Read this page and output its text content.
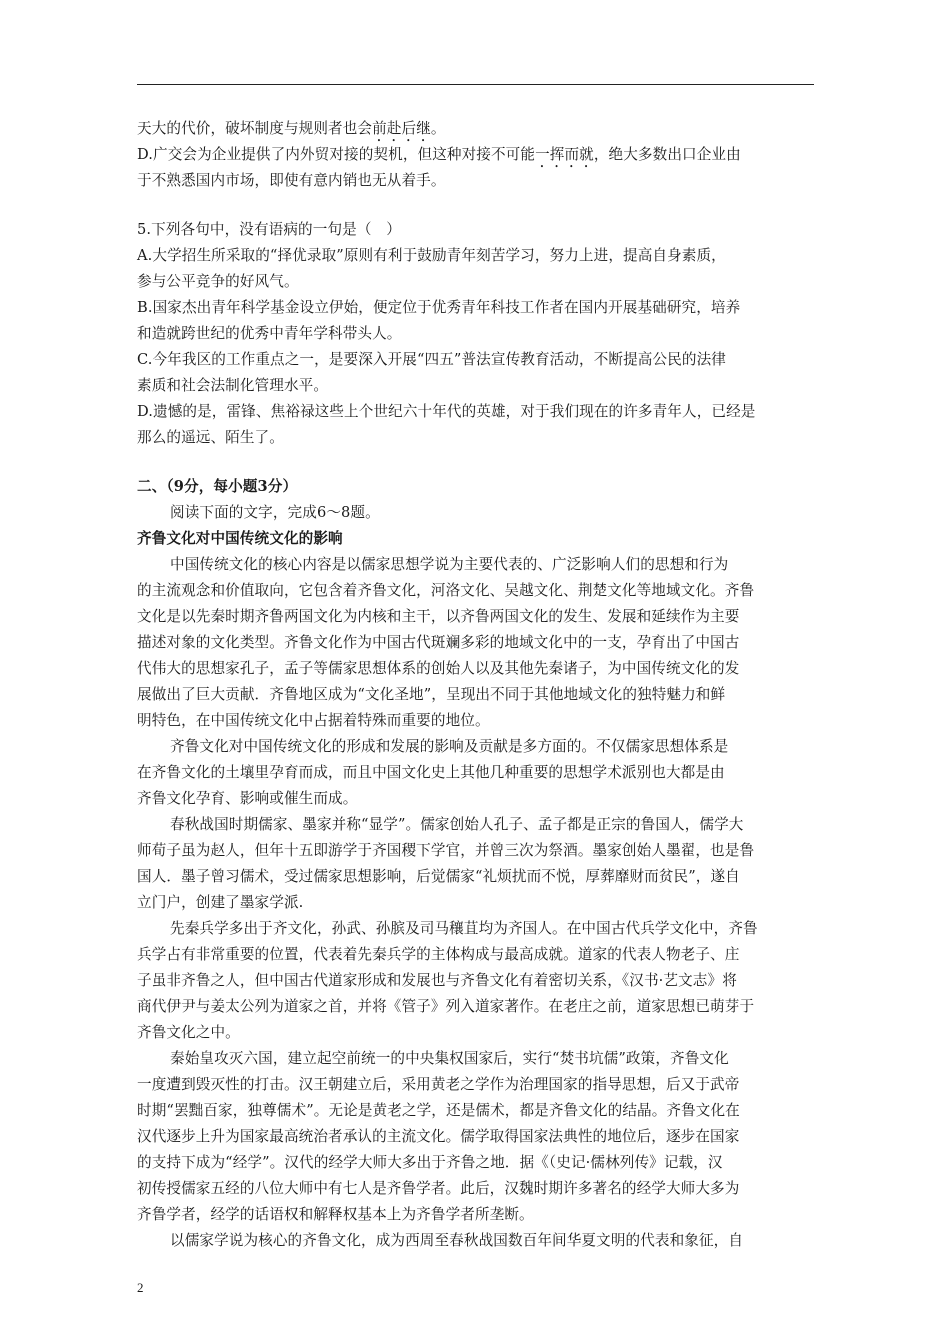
天大的代价，破坏制度与规则者也会前赴后继。
D.广交会为企业提供了内外贸对接的契机，但这种对接不可能一挥而就，绝大多数出口企业由
于不熟悉国内市场，即使有意内销也无从着手。
5.下列各句中，没有语病的一句是（　）
A.大学招生所采取的“择优录取”原则有利于鼓励青年刻苦学习，努力上进，提高自身素质，
参与公平竞争的好风气。
B.国家杰出青年科学基金设立伊始，便定位于优秀青年科技工作者在国内开展基础研究，培养
和造就跨世纪的优秀中青年学科带头人。
C.今年我区的工作重点之一，是要深入开展“四五”普法宣传教育活动，不断提高公民的法律
素质和社会法制化管理水平。
D.遗憾的是，雷锋、焦裕禄这些上个世纪六十年代的英雄，对于我们现在的许多青年人，已经是
那么的遥远、陌生了。
二、（9分，每小题3分）
阅读下面的文字，完成6～8题。
齐鲁文化对中国传统文化的影响
中国传统文化的核心内容是以儒家思想学说为主要代表的、广泛影响人们的思想和行为
的主流观念和价值取向，它包含着齐鲁文化，河洛文化、吴越文化、荆楚文化等地域文化。齐鲁
文化是以先秦时期齐鲁两国文化为内核和主干，以齐鲁两国文化的发生、发展和延续作为主要
描述对象的文化类型。齐鲁文化作为中国古代斑斓多彩的地域文化中的一支，孕育出了中国古
代伟大的思想家孔子，孟子等儒家思想体系的创始人以及其他先秦诸子，为中国传统文化的发
展做出了巨大贡献．齐鲁地区成为“文化圣地”，呈现出不同于其他地域文化的独特魅力和鲜
明特色，在中国传统文化中占据着特殊而重要的地位。
齐鲁文化对中国传统文化的形成和发展的影响及贡献是多方面的。不仅儒家思想体系是
在齐鲁文化的土壤里孕育而成，而且中国文化史上其他几种重要的思想学术派别也大都是由
齐鲁文化孕育、影响或催生而成。
春秋战国时期儒家、墨家并称“显学”。儒家创始人孔子、孟子都是正宗的鲁国人，儒学大
师荀子虽为赵人，但年十五即游学于齐国稷下学官，并曾三次为祭酒。墨家创始人墨翟，也是鲁
国人．墨子曾习儒术，受过儒家思想影响，后觉儒家“礼烦扰而不悦，厚葬靡财而贫民”，遂自
立门户，创建了墨家学派.
先秦兵学多出于齐文化，孙武、孙膑及司马穰苴均为齐国人。在中国古代兵学文化中，齐鲁
兵学占有非常重要的位置，代表着先秦兵学的主体构成与最高成就。道家的代表人物老子、庄
子虽非齐鲁之人，但中国古代道家形成和发展也与齐鲁文化有着密切关系，《汉书·艺文志》将
商代伊尹与姜太公列为道家之首，并将《管子》列入道家著作。在老庄之前，道家思想已萌芽于
齐鲁文化之中。
秦始皇攻灭六国，建立起空前统一的中央集权国家后，实行“焚书坑儒”政策，齐鲁文化
一度遭到毁灭性的打击。汉王朝建立后，采用黄老之学作为治理国家的指导思想，后又于武帝
时期“罢黜百家，独尊儒术”。无论是黄老之学，还是儒术，都是齐鲁文化的结晶。齐鲁文化在
汉代逐步上升为国家最高统治者承认的主流文化。儒学取得国家法典性的地位后，逐步在国家
的支持下成为“经学”。汉代的经学大师大多出于齐鲁之地．据《（史记·儒林列传》记载，汉
初传授儒家五经的八位大师中有七人是齐鲁学者。此后，汉魏时期许多著名的经学大师大多为
齐鲁学者，经学的话语权和解释权基本上为齐鲁学者所垄断。
以儒家学说为核心的齐鲁文化，成为西周至春秋战国数百年间华夏文明的代表和象征，自
2
